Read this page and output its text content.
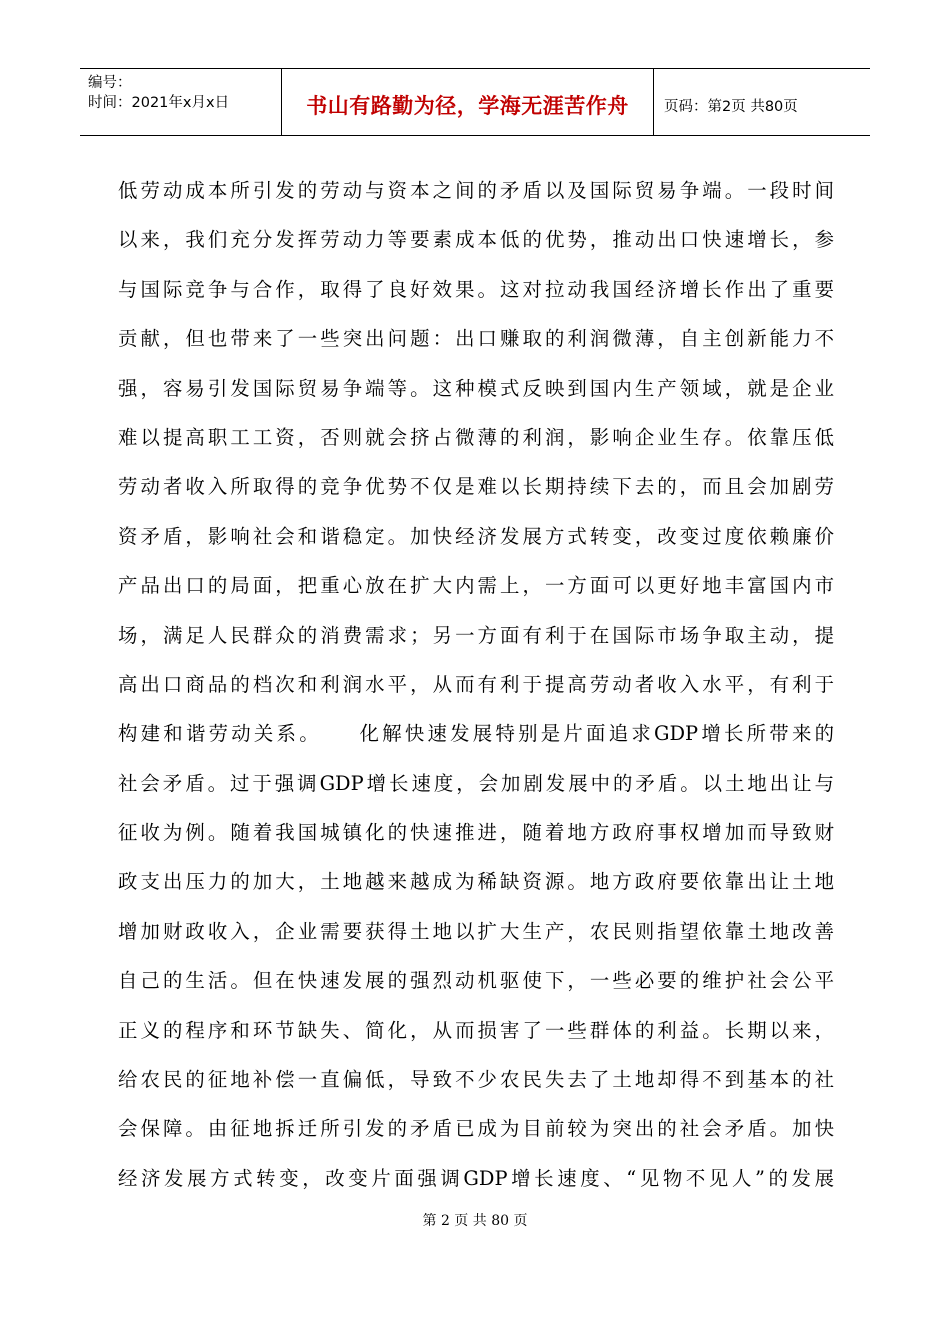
编号：
时间：2021年x月x日	书山有路勤为径，学海无涯苦作舟	页码：第2页 共80页
低劳动成本所引发的劳动与资本之间的矛盾以及国际贸易争端。一段时间
以来，我们充分发挥劳动力等要素成本低的优势，推动出口快速增长，参
与国际竞争与合作，取得了良好效果。这对拉动我国经济增长作出了重要
贡献，但也带来了一些突出问题：出口赚取的利润微薄，自主创新能力不
强，容易引发国际贸易争端等。这种模式反映到国内生产领域，就是企业
难以提高职工工资，否则就会挤占微薄的利润，影响企业生存。依靠压低
劳动者收入所取得的竞争优势不仅是难以长期持续下去的，而且会加剧劳
资矛盾，影响社会和谐稳定。加快经济发展方式转变，改变过度依赖廉价
产品出口的局面，把重心放在扩大内需上，一方面可以更好地丰富国内市
场，满足人民群众的消费需求；另一方面有利于在国际市场争取主动，提
高出口商品的档次和利润水平，从而有利于提高劳动者收入水平，有利于
构建和谐劳动关系。    化解快速发展特别是片面追求GDP增长所带来的
社会矛盾。过于强调GDP增长速度，会加剧发展中的矛盾。以土地出让与
征收为例。随着我国城镇化的快速推进，随着地方政府事权增加而导致财
政支出压力的加大，土地越来越成为稀缺资源。地方政府要依靠出让土地
增加财政收入，企业需要获得土地以扩大生产，农民则指望依靠土地改善
自己的生活。但在快速发展的强烈动机驱使下，一些必要的维护社会公平
正义的程序和环节缺失、简化，从而损害了一些群体的利益。长期以来，
给农民的征地补偿一直偏低，导致不少农民失去了土地却得不到基本的社
会保障。由征地拆迁所引发的矛盾已成为目前较为突出的社会矛盾。加快
经济发展方式转变，改变片面强调GDP增长速度、“见物不见人”的发展
第 2 页 共 80 页
